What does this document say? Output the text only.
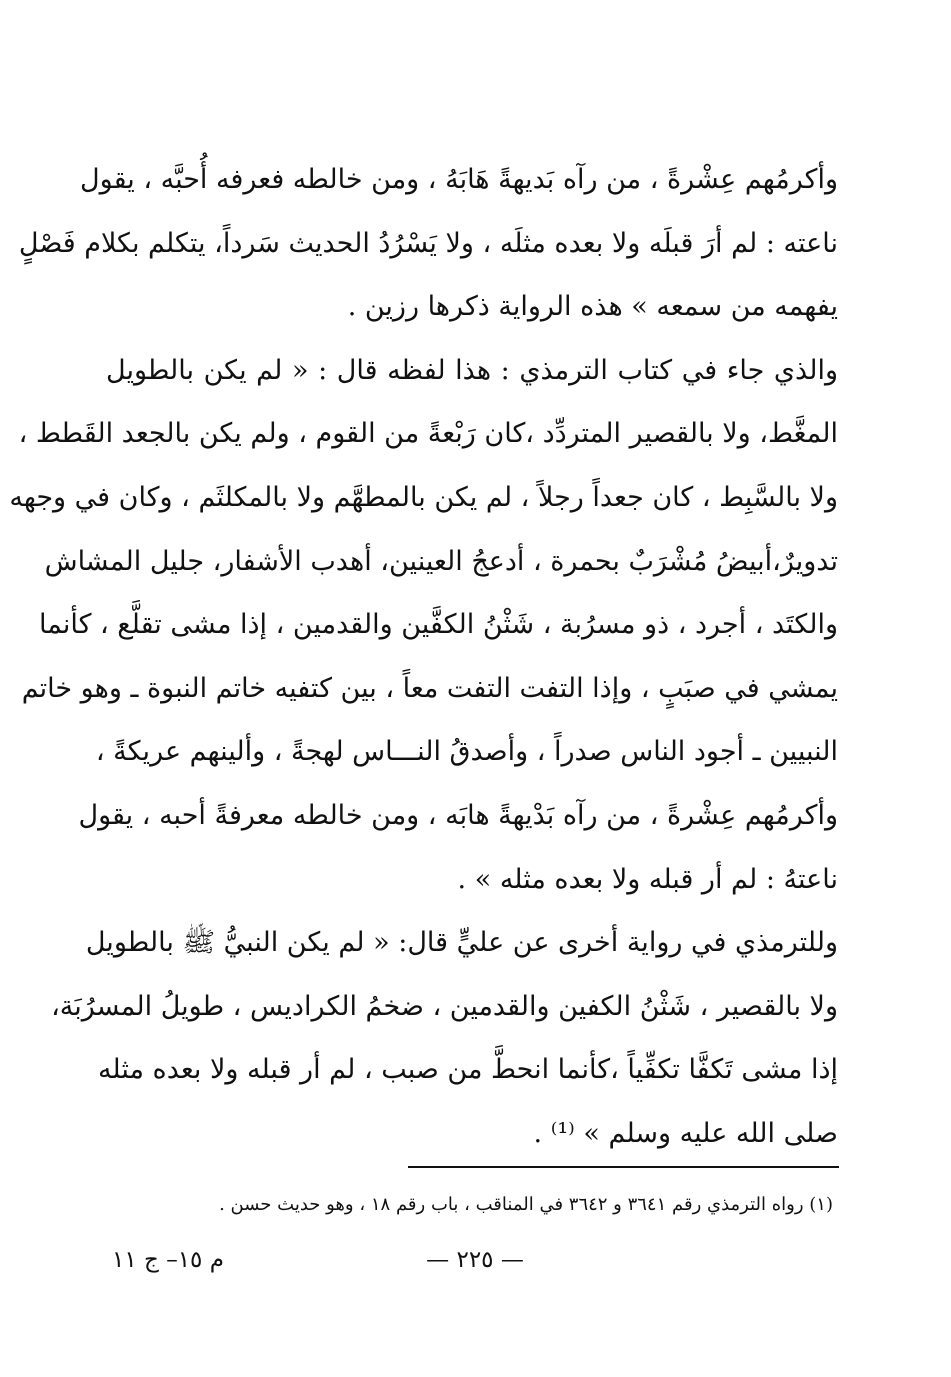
وأكرمُهم عِشْرةً ، من رآه بَديهةً هَابَهُ ، ومن خالطه فعرفه أُحبَّه ، يقول
ناعته : لم أرَ قبلَه ولا بعده مثلَه ، ولا يَسْرُدُ الحديث سَرداً، يتكلم بكلام فَصْلٍ
يفهمه من سمعه » هذه الرواية ذكرها رزين .
والذي جاء في كتاب الترمذي : هذا لفظه قال : « لم يكن بالطويل
المغَّط، ولا بالقصير المتردِّد ،كان رَبْعةً من القوم ، ولم يكن بالجعد القَطط ،
ولا بالسَّبِط ، كان جعداً رجلاً ، لم يكن بالمطهَّم ولا بالمكلثَم ، وكان في وجهه
تدويرٌ،أبيضُ مُشْرَبٌ بحمرة ، أدعجُ العينين، أهدب الأشفار، جليل المشاش
والكتَد ، أجرد ، ذو مسرُبة ، شَثْنُ الكفَّين والقدمين ، إذا مشى تقلَّع ، كأنما
يمشي في صبَبٍ ، وإذا التفت التفت معاً ، بين كتفيه خاتم النبوة ـ وهو خاتم
النبيين ـ أجود الناس صدراً ، وأصدقُ النـــاس لهجةً ، وألينهم عريكةً ،
وأكرمُهم عِشْرةً ، من رآه بَدْيهةً هابَه ، ومن خالطه معرفةً أحبه ، يقول
ناعتهُ : لم أر قبله ولا بعده مثله » .
وللترمذي في رواية أخرى عن عليٍّ قال: « لم يكن النبيُّ ﷺ بالطويل
ولا بالقصير ، شَثْنُ الكفين والقدمين ، ضخمُ الكراديس ، طويلُ المسرُبَة،
إذا مشى تَكفَّا تكفِّياً ،كأنما انحطَّ من صبب ، لم أر قبله ولا بعده مثله
صلى الله عليه وسلم » ⁽¹⁾ .
(١) رواه الترمذي رقم ٣٦٤١ و ٣٦٤٢ في المناقب ، باب رقم ١٨ ، وهو حديث حسن .
— ٢٢٥ —
م ١٥– ج ١١
